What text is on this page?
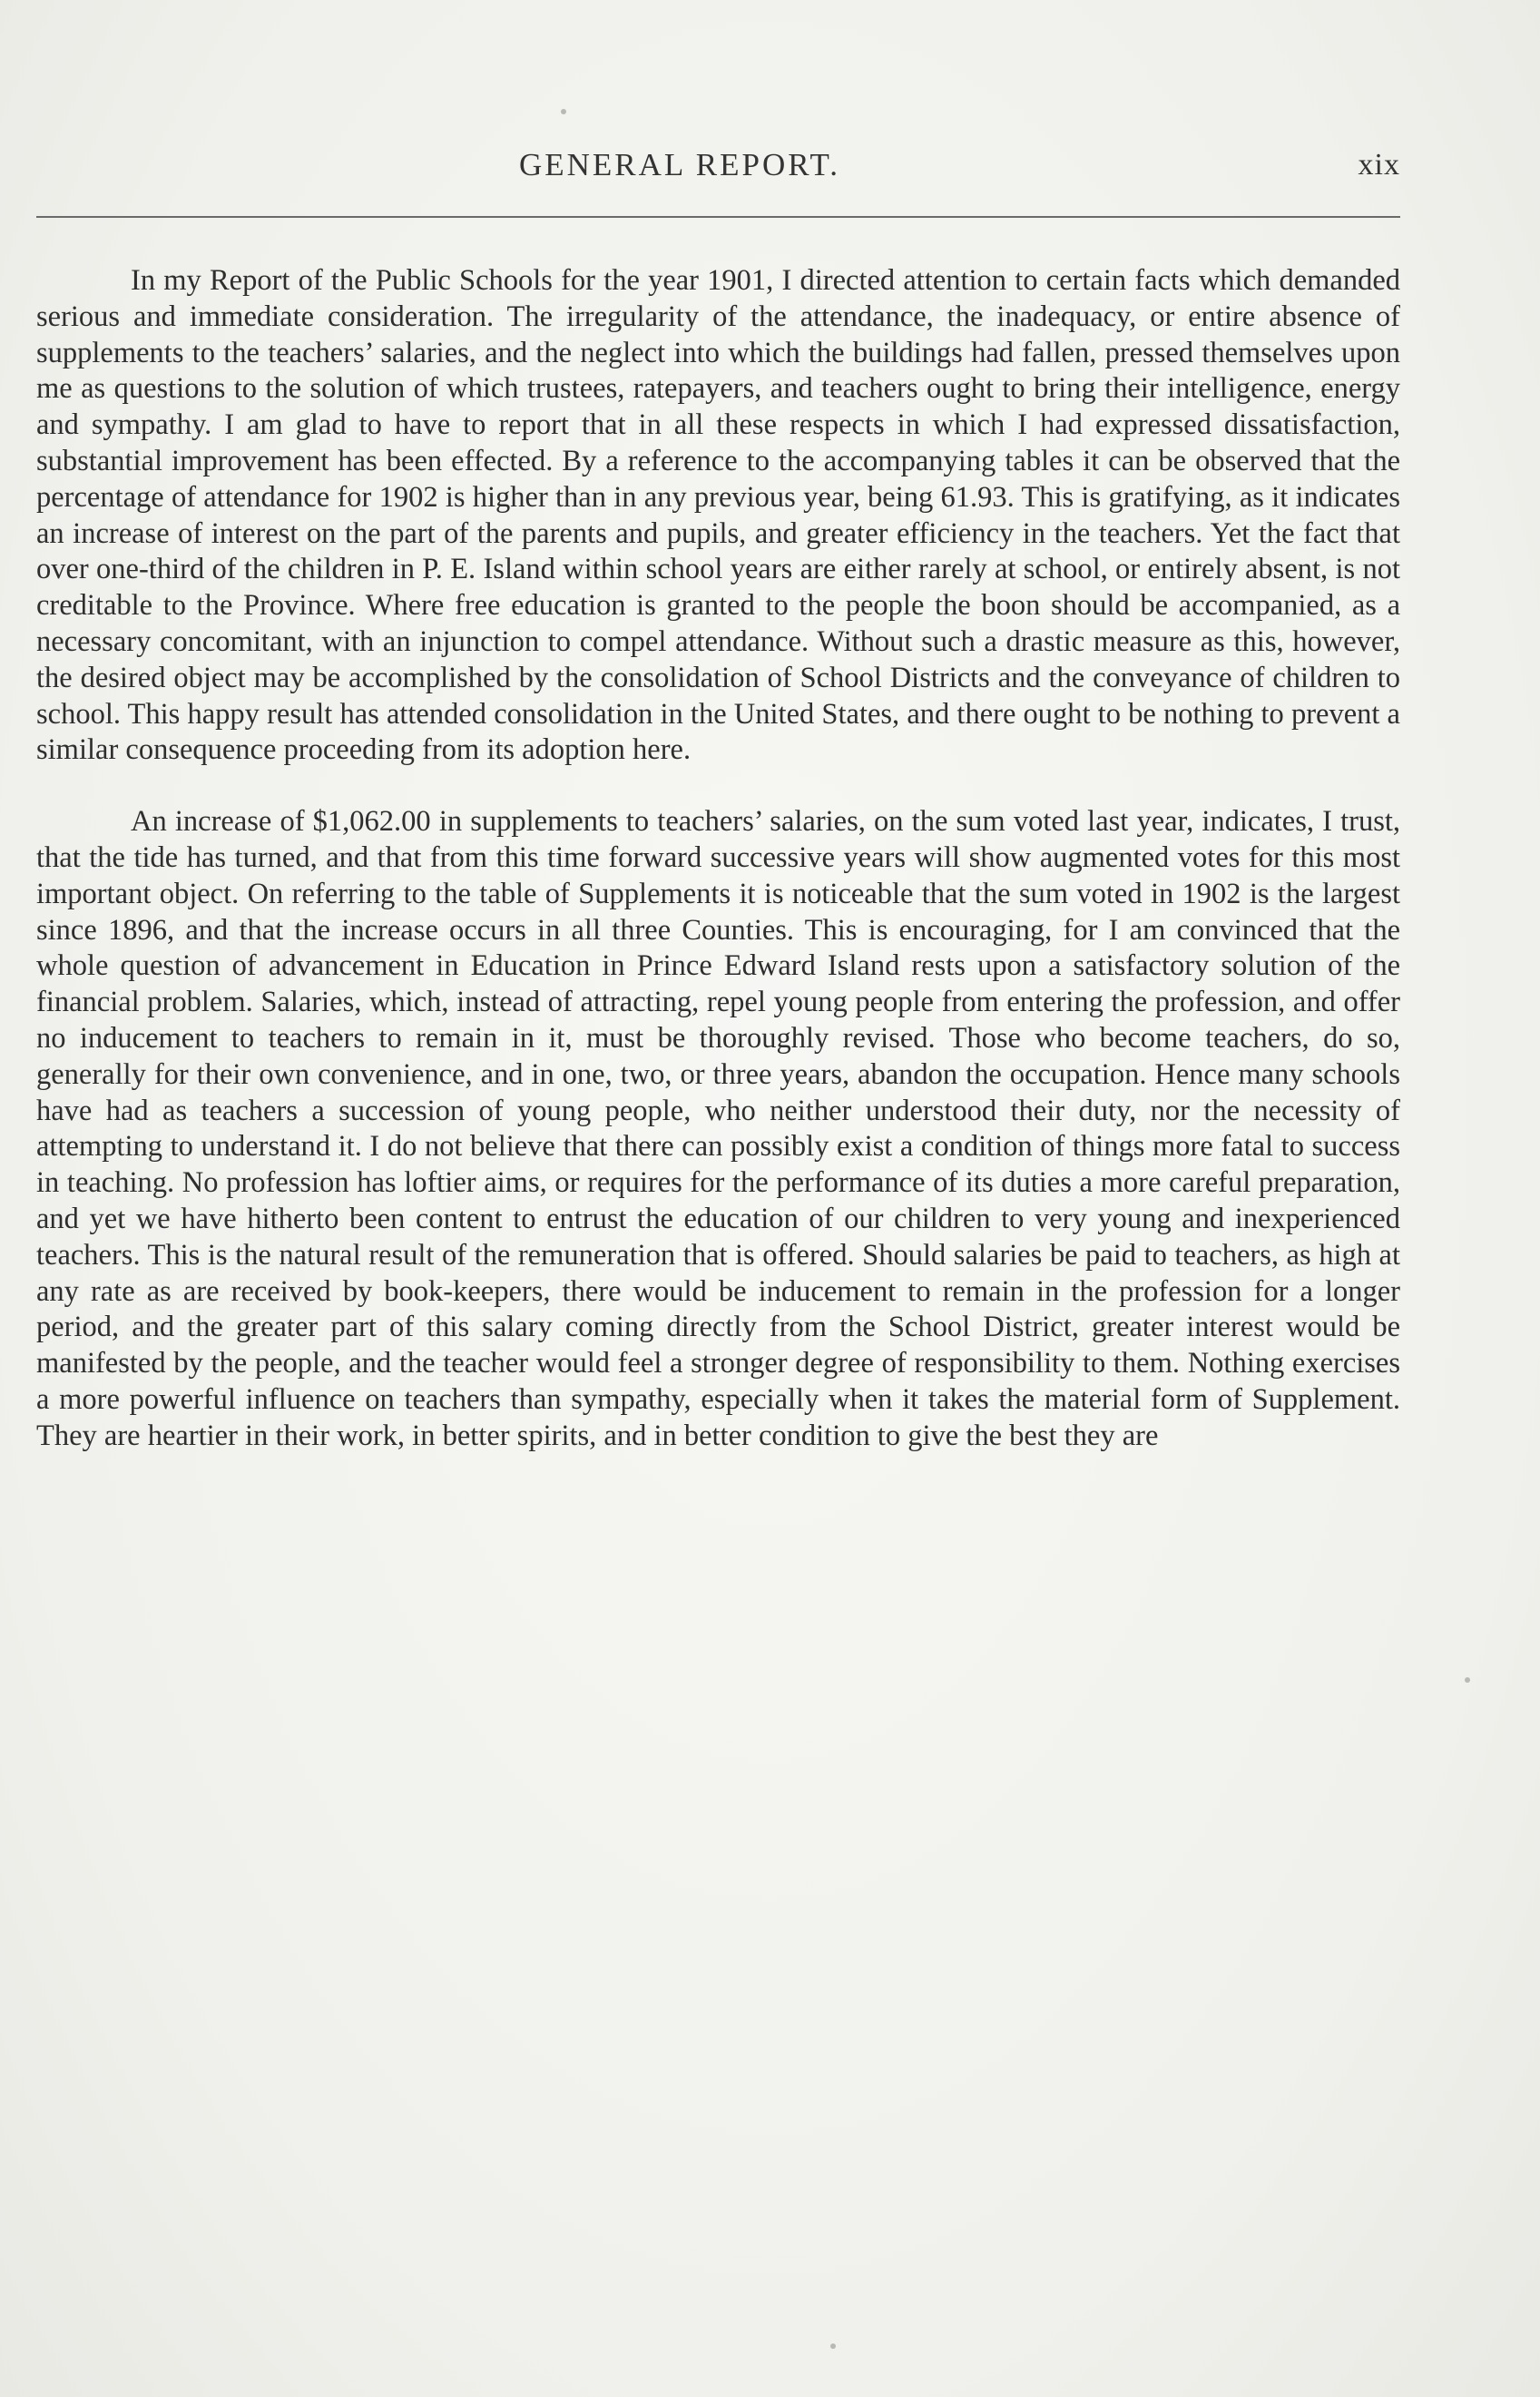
GENERAL REPORT.	xix

In my Report of the Public Schools for the year 1901, I directed attention to certain facts which demanded serious and immediate consideration. The irregularity of the attendance, the inadequacy, or entire absence of supplements to the teachers’ salaries, and the neglect into which the buildings had fallen, pressed themselves upon me as questions to the solution of which trustees, ratepayers, and teachers ought to bring their intelligence, energy and sympathy. I am glad to have to report that in all these respects in which I had expressed dissatisfaction, substantial improvement has been effected. By a reference to the accompanying tables it can be observed that the percentage of attendance for 1902 is higher than in any previous year, being 61.93. This is gratifying, as it indicates an increase of interest on the part of the parents and pupils, and greater efficiency in the teachers. Yet the fact that over one-third of the children in P. E. Island within school years are either rarely at school, or entirely absent, is not creditable to the Province. Where free education is granted to the people the boon should be accompanied, as a necessary concomitant, with an injunction to compel attendance. Without such a drastic measure as this, however, the desired object may be accomplished by the consolidation of School Districts and the conveyance of children to school. This happy result has attended consolidation in the United States, and there ought to be nothing to prevent a similar consequence proceeding from its adoption here.

An increase of $1,062.00 in supplements to teachers’ salaries, on the sum voted last year, indicates, I trust, that the tide has turned, and that from this time forward successive years will show augmented votes for this most important object. On referring to the table of Supplements it is noticeable that the sum voted in 1902 is the largest since 1896, and that the increase occurs in all three Counties. This is encouraging, for I am convinced that the whole question of advancement in Education in Prince Edward Island rests upon a satisfactory solution of the financial problem. Salaries, which, instead of attracting, repel young people from entering the profession, and offer no inducement to teachers to remain in it, must be thoroughly revised. Those who become teachers, do so, generally for their own convenience, and in one, two, or three years, abandon the occupation. Hence many schools have had as teachers a succession of young people, who neither understood their duty, nor the necessity of attempting to understand it. I do not believe that there can possibly exist a condition of things more fatal to success in teaching. No profession has loftier aims, or requires for the performance of its duties a more careful preparation, and yet we have hitherto been content to entrust the education of our children to very young and inexperienced teachers. This is the natural result of the remuneration that is offered. Should salaries be paid to teachers, as high at any rate as are received by book-keepers, there would be inducement to remain in the profession for a longer period, and the greater part of this salary coming directly from the School District, greater interest would be manifested by the people, and the teacher would feel a stronger degree of responsibility to them. Nothing exercises a more powerful influence on teachers than sympathy, especially when it takes the material form of Supplement. They are heartier in their work, in better spirits, and in better condition to give the best they are
